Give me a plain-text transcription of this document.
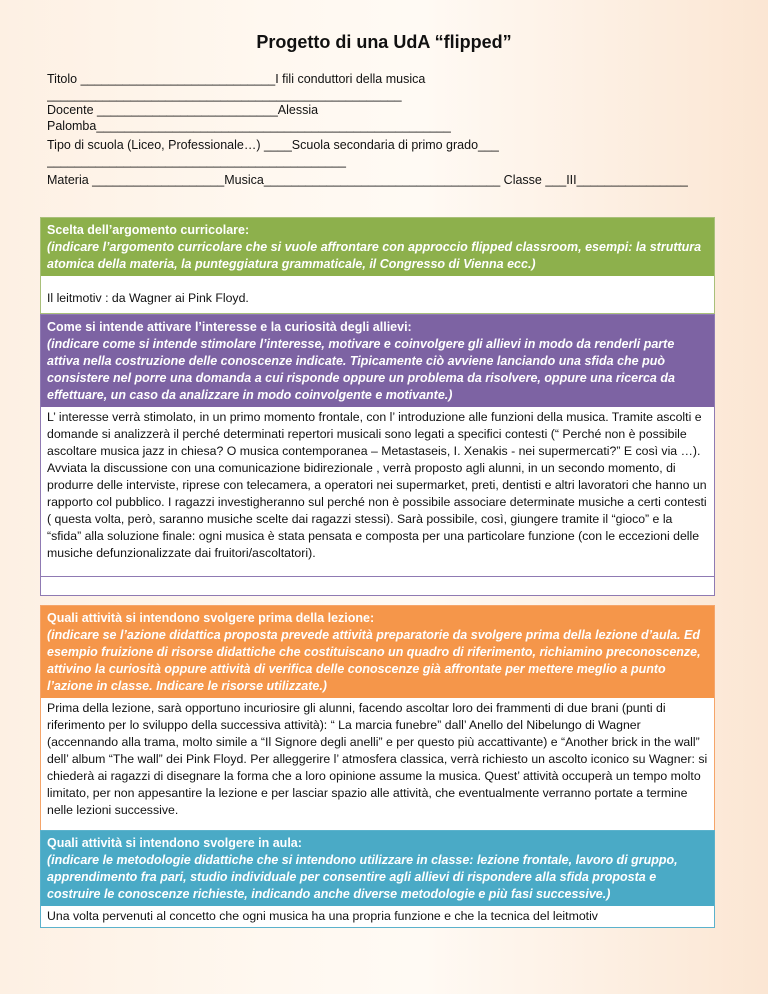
Progetto di una UdA “flipped”
Titolo ____________________________I fili conduttori della musica
___________________________________________________
Docente __________________________Alessia
Palomba___________________________________________________
Tipo di scuola (Liceo, Professionale…) ____Scuola secondaria di primo grado___
___________________________________________
Materia ___________________Musica__________________________________ Classe ___III________________
Scelta dell’argomento curricolare:
(indicare l’argomento curricolare che si vuole affrontare con approccio flipped classroom, esempi: la struttura atomica della materia, la punteggiatura grammaticale, il Congresso di Vienna ecc.)
Il leitmotiv : da Wagner ai Pink Floyd.
Come si intende attivare l’interesse e la curiosità degli allievi:
(indicare come si intende stimolare l’interesse, motivare e coinvolgere gli allievi in modo da renderli parte attiva nella costruzione delle conoscenze indicate. Tipicamente ciò avviene lanciando una sfida che può consistere nel porre una domanda a cui risponde oppure un problema da risolvere, oppure una ricerca da effettuare, un caso da analizzare in modo coinvolgente e motivante.)
L’ interesse verrà stimolato, in un primo momento frontale, con l’ introduzione alle funzioni della musica. Tramite ascolti e domande si analizzerà il perché determinati repertori musicali sono legati a specifici contesti (“ Perché non è possibile ascoltare musica jazz in chiesa? O musica contemporanea – Metastaseis, I. Xenakis - nei supermercati?” E così via …). Avviata la discussione con una comunicazione bidirezionale , verrà proposto agli alunni, in un secondo momento, di produrre delle interviste, riprese con telecamera, a operatori nei supermarket, preti, dentisti e altri lavoratori che hanno un rapporto col pubblico. I ragazzi investigheranno sul perché non è possibile associare determinate musiche a certi contesti ( questa volta, però, saranno musiche scelte dai ragazzi stessi). Sarà possibile, così, giungere tramite il “gioco” e la “sfida” alla soluzione finale: ogni musica è stata pensata e composta per una particolare funzione (con le eccezioni delle musiche defunzionalizzate dai fruitori/ascoltatori).
Quali attività si intendono svolgere prima della lezione:
(indicare se l’azione didattica proposta prevede attività preparatorie da svolgere prima della lezione d’aula. Ed esempio fruizione di risorse didattiche che costituiscano un quadro di riferimento, richiamino preconoscenze, attivino la curiosità oppure attività di verifica delle conoscenze già affrontate per mettere meglio a punto l’azione in classe. Indicare le risorse utilizzate.)
Prima della lezione, sarà opportuno incuriosire gli alunni, facendo ascoltar loro dei frammenti di due brani (punti di riferimento per lo sviluppo della successiva attività): “ La marcia funebre” dall’ Anello del Nibelungo di Wagner (accennando alla trama, molto simile a “Il Signore degli anelli” e per questo più accattivante) e “Another brick in the wall” dell’ album “The wall” dei Pink Floyd. Per alleggerire l’ atmosfera classica, verrà richiesto un ascolto iconico su Wagner: si chiederà ai ragazzi di disegnare la forma che a loro opinione assume la musica. Quest’ attività occuperà un tempo molto limitato, per non appesantire la lezione e per lasciar spazio alle attività, che eventualmente verranno portate a termine nelle lezioni successive.
Quali attività si intendono svolgere in aula:
(indicare le metodologie didattiche che si intendono utilizzare in classe: lezione frontale, lavoro di gruppo, apprendimento fra pari, studio individuale per consentire agli allievi di rispondere alla sfida proposta e costruire le conoscenze richieste, indicando anche diverse metodologie e più fasi successive.)
Una volta pervenuti al concetto che ogni musica ha una propria funzione e che la tecnica del leitmotiv
